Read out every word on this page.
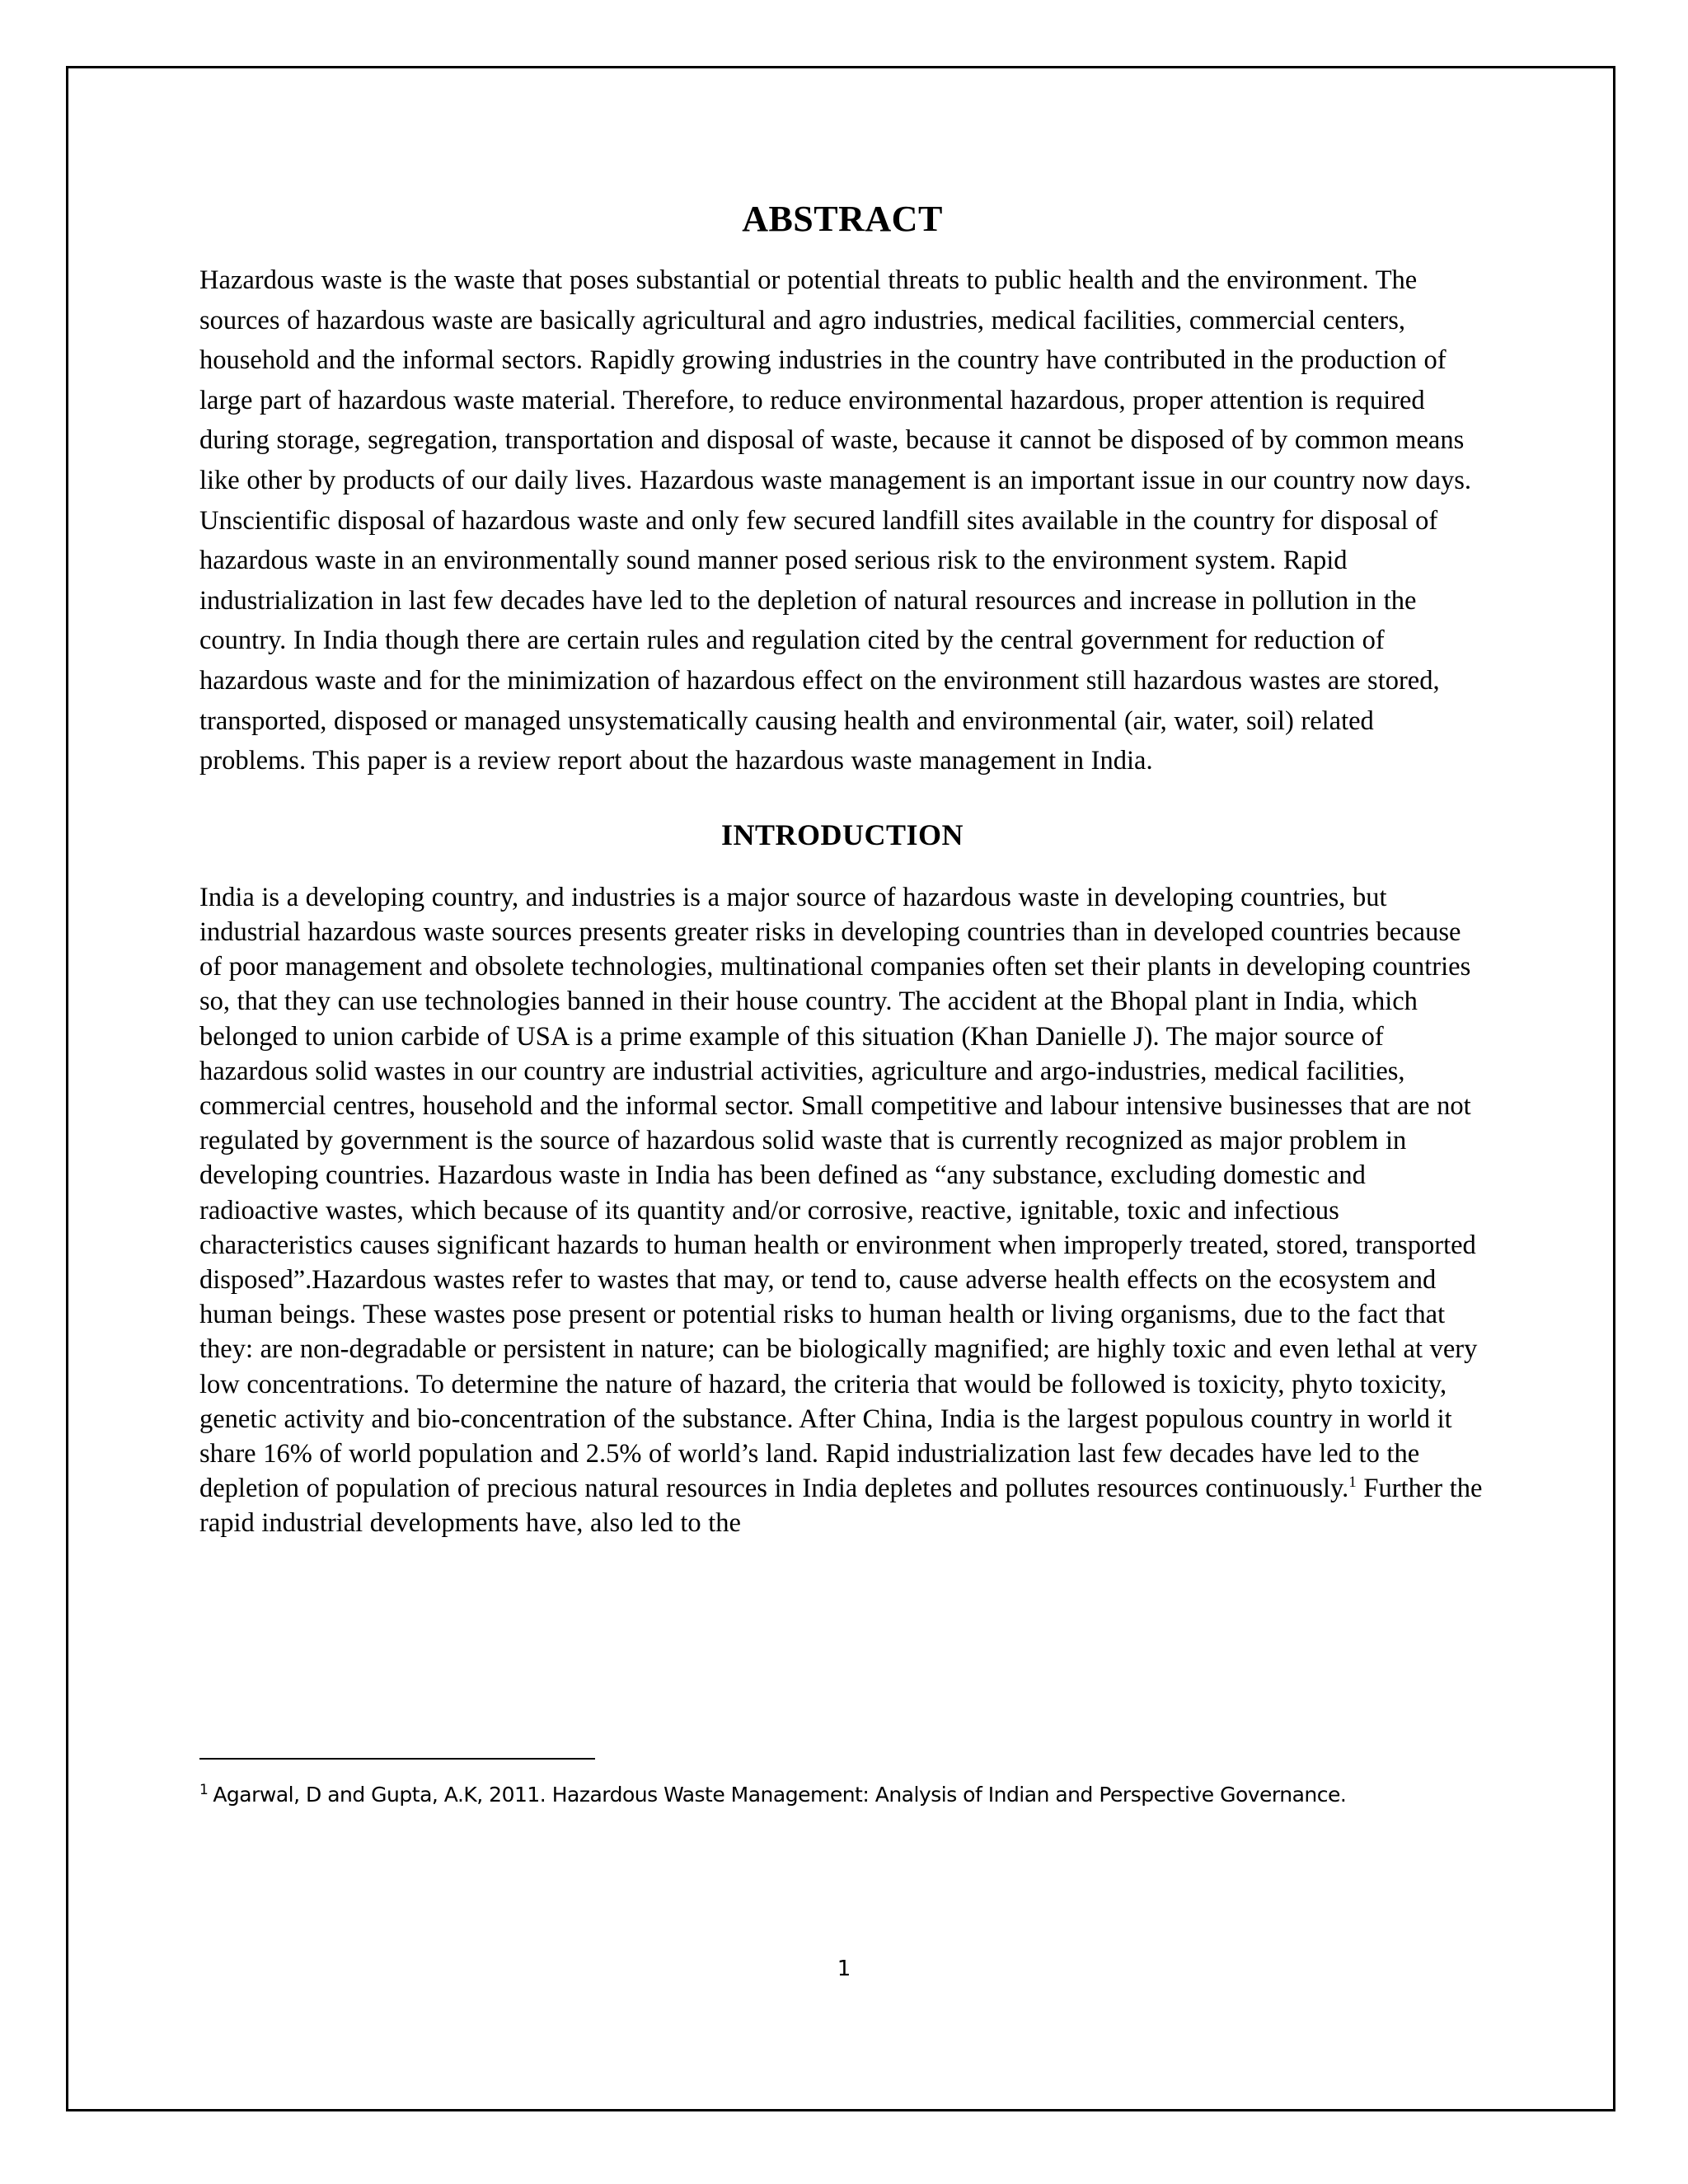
ABSTRACT

Hazardous waste is the waste that poses substantial or potential threats to public health and the environment. The sources of hazardous waste are basically agricultural and agro industries, medical facilities, commercial centers, household and the informal sectors. Rapidly growing industries in the country have contributed in the production of large part of hazardous waste material. Therefore, to reduce environmental hazardous, proper attention is required during storage, segregation, transportation and disposal of waste, because it cannot be disposed of by common means like other by products of our daily lives. Hazardous waste management is an important issue in our country now days. Unscientific disposal of hazardous waste and only few secured landfill sites available in the country for disposal of hazardous waste in an environmentally sound manner posed serious risk to the environment system. Rapid industrialization in last few decades have led to the depletion of natural resources and increase in pollution in the country. In India though there are certain rules and regulation cited by the central government for reduction of hazardous waste and for the minimization of hazardous effect on the environment still hazardous wastes are stored, transported, disposed or managed unsystematically causing health and environmental (air, water, soil) related problems. This paper is a review report about the hazardous waste management in India.

INTRODUCTION

India is a developing country, and industries is a major source of hazardous waste in developing countries, but industrial hazardous waste sources presents greater risks in developing countries than in developed countries because of poor management and obsolete technologies, multinational companies often set their plants in developing countries so, that they can use technologies banned in their house country. The accident at the Bhopal plant in India, which belonged to union carbide of USA is a prime example of this situation (Khan Danielle J). The major source of hazardous solid wastes in our country are industrial activities, agriculture and argo-industries, medical facilities, commercial centres, household and the informal sector. Small competitive and labour intensive businesses that are not regulated by government is the source of hazardous solid waste that is currently recognized as major problem in developing countries. Hazardous waste in India has been defined as “any substance, excluding domestic and radioactive wastes, which because of its quantity and/or corrosive, reactive, ignitable, toxic and infectious characteristics causes significant hazards to human health or environment when improperly treated, stored, transported disposed”.Hazardous wastes refer to wastes that may, or tend to, cause adverse health effects on the ecosystem and human beings. These wastes pose present or potential risks to human health or living organisms, due to the fact that they: are non-degradable or persistent in nature; can be biologically magnified; are highly toxic and even lethal at very low concentrations. To determine the nature of hazard, the criteria that would be followed is toxicity, phyto toxicity, genetic activity and bio-concentration of the substance. After China, India is the largest populous country in world it share 16% of world population and 2.5% of world’s land. Rapid industrialization last few decades have led to the depletion of population of precious natural resources in India depletes and pollutes resources continuously.$^1$ Further the rapid industrial developments have, also led to the

$^1$ Agarwal, D and Gupta, A.K, 2011. Hazardous Waste Management: Analysis of Indian and Perspective Governance.
1
